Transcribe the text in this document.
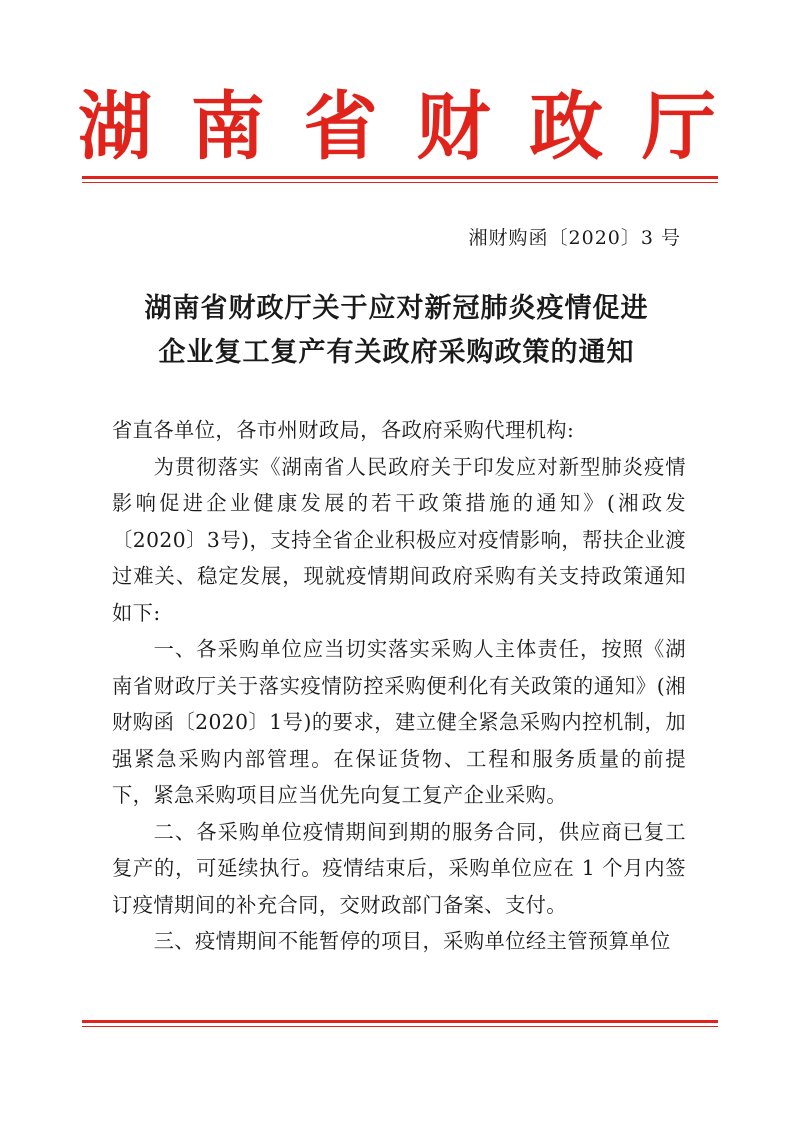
湖 南 省 财 政 厅
湘财购函〔2020〕3 号
湖南省财政厅关于应对新冠肺炎疫情促进
企业复工复产有关政府采购政策的通知

省直各单位，各市州财政局，各政府采购代理机构:

为贯彻落实《湖南省人民政府关于印发应对新型肺炎疫情影响促进企业健康发展的若干政策措施的通知》(湘政发〔2020〕3号)，支持全省企业积极应对疫情影响，帮扶企业渡过难关、稳定发展，现就疫情期间政府采购有关支持政策通知如下:

一、各采购单位应当切实落实采购人主体责任，按照《湖南省财政厅关于落实疫情防控采购便利化有关政策的通知》(湘财购函〔2020〕1号)的要求，建立健全紧急采购内控机制，加强紧急采购内部管理。在保证货物、工程和服务质量的前提下，紧急采购项目应当优先向复工复产企业采购。

二、各采购单位疫情期间到期的服务合同，供应商已复工复产的，可延续执行。疫情结束后，采购单位应在 1 个月内签订疫情期间的补充合同，交财政部门备案、支付。

三、疫情期间不能暂停的项目，采购单位经主管预算单位
